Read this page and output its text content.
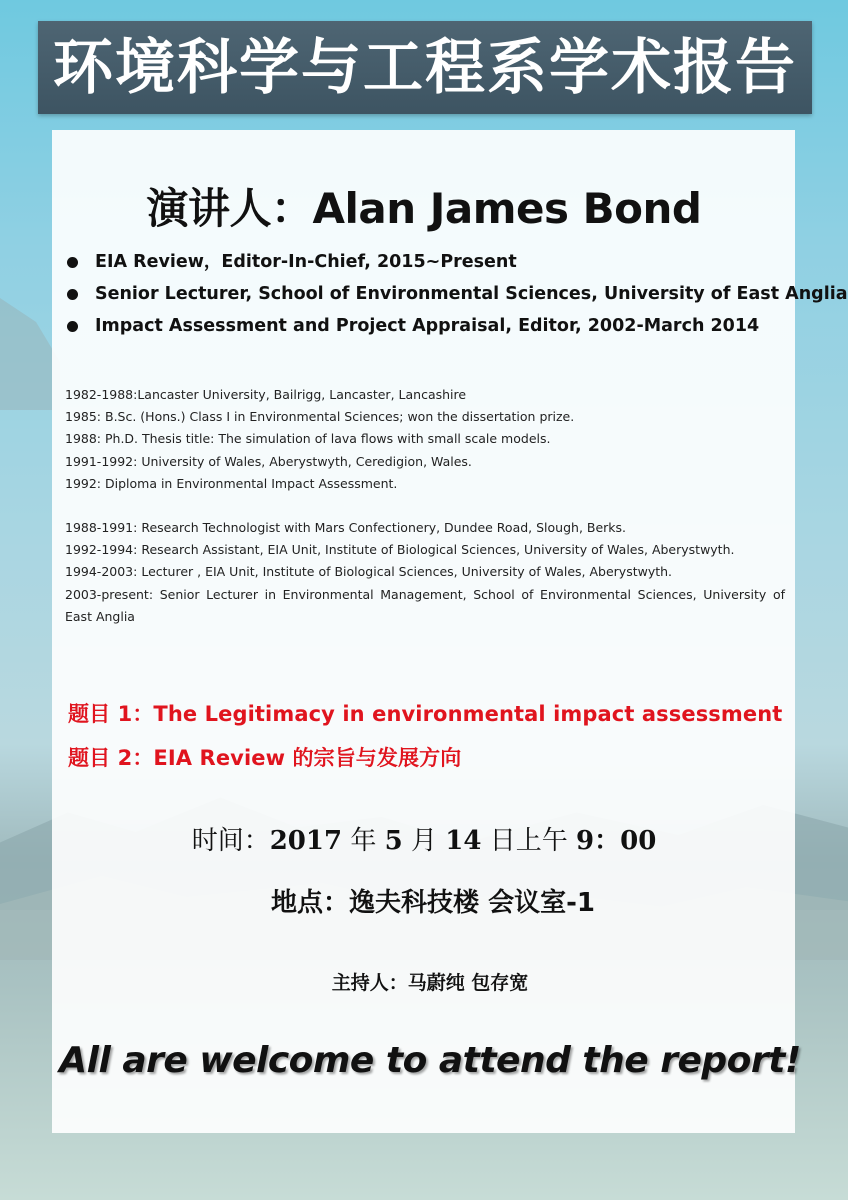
环境科学与工程系学术报告
演讲人：Alan James Bond
EIA Review，Editor-In-Chief, 2015~Present
Senior Lecturer, School of Environmental Sciences, University of East Anglia
Impact Assessment and Project Appraisal, Editor, 2002-March 2014
1982-1988:Lancaster University, Bailrigg, Lancaster, Lancashire
1985: B.Sc. (Hons.) Class I in Environmental Sciences; won the dissertation prize.
1988: Ph.D. Thesis title: The simulation of lava flows with small scale models.
1991-1992: University of Wales, Aberystwyth, Ceredigion, Wales.
1992: Diploma in Environmental Impact Assessment.
1988-1991: Research Technologist with Mars Confectionery, Dundee Road, Slough, Berks.
1992-1994: Research Assistant, EIA Unit, Institute of Biological Sciences, University of Wales, Aberystwyth.
1994-2003: Lecturer , EIA Unit, Institute of Biological Sciences, University of Wales, Aberystwyth.
2003-present: Senior Lecturer in Environmental Management, School of Environmental Sciences, University of East Anglia
题目 1：The Legitimacy in environmental impact assessment
题目 2：EIA Review 的宗旨与发展方向
时间：2017 年 5 月 14 日上午 9：00
地点：逸夫科技楼 会议室-1
主持人：马蔚纯 包存宽
All are welcome to attend the report!
